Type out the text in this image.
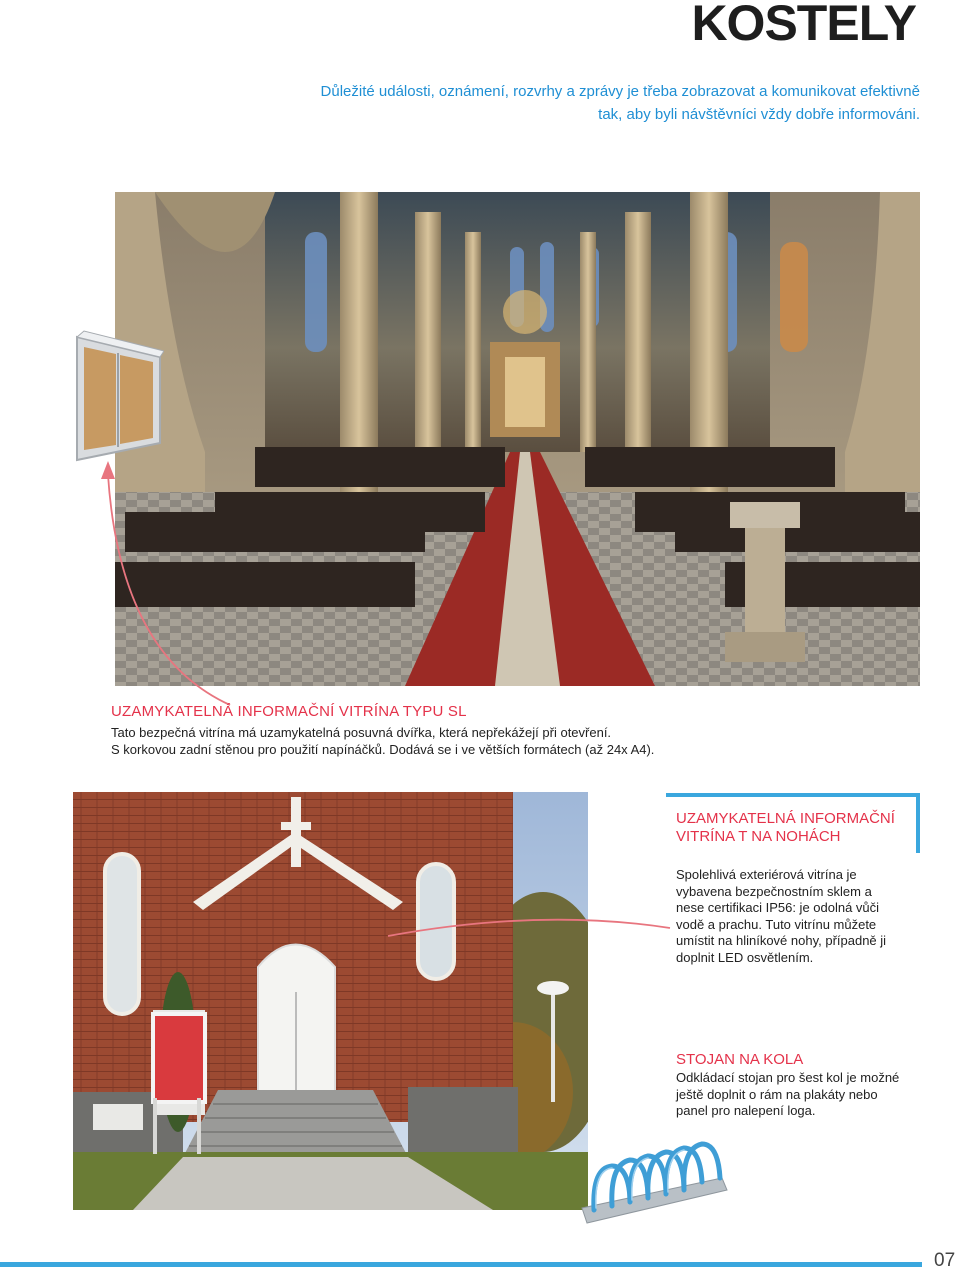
KOSTELY
Důležité události, oznámení, rozvrhy a zprávy je třeba zobrazovat a komunikovat efektivně tak, aby byli návštěvníci vždy dobře informováni.
UZAMYKATELNÁ INFORMAČNÍ VITRÍNA TYPU SL
Tato bezpečná vitrína má uzamykatelná posuvná dvířka, která nepřekážejí při otevření.
S korkovou zadní stěnou pro použití napínáčků. Dodává se i ve větších formátech (až 24x A4).
UZAMYKATELNÁ INFORMAČNÍ VITRÍNA T NA NOHÁCH
Spolehlivá exteriérová vitrína je vybavena bezpečnostním sklem a nese certifikaci IP56: je odolná vůči vodě a prachu. Tuto vitrínu můžete umístit na hliníkové nohy, případně ji doplnit LED osvětlením.
STOJAN NA KOLA
Odkládací stojan pro šest kol je možné ještě doplnit o rám na plakáty nebo panel pro nalepení loga.
07
